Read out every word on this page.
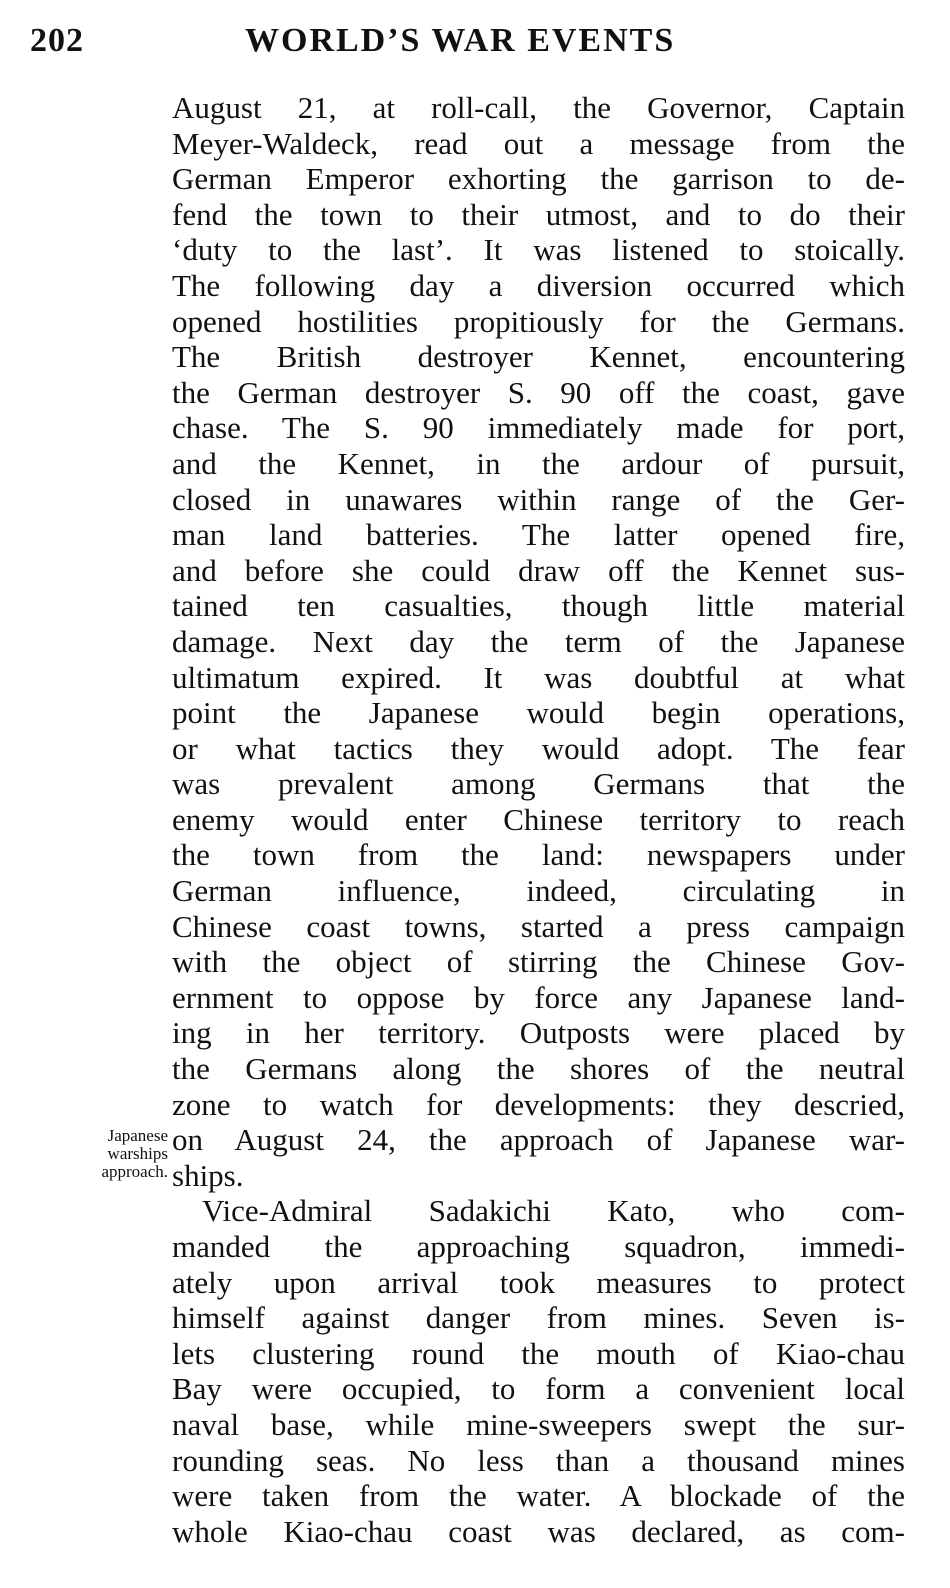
202	WORLD’S WAR EVENTS
Japanese
warships
approach.
August 21, at roll-call, the Governor, Captain
Meyer-Waldeck, read out a message from the
German Emperor exhorting the garrison to de-
fend the town to their utmost, and to do their
‘duty to the last’. It was listened to stoically.
The following day a diversion occurred which
opened hostilities propitiously for the Germans.
The British destroyer Kennet, encountering
the German destroyer S. 90 off the coast, gave
chase. The S. 90 immediately made for port,
and the Kennet, in the ardour of pursuit,
closed in unawares within range of the Ger-
man land batteries. The latter opened fire,
and before she could draw off the Kennet sus-
tained ten casualties, though little material
damage. Next day the term of the Japanese
ultimatum expired. It was doubtful at what
point the Japanese would begin operations,
or what tactics they would adopt. The fear
was prevalent among Germans that the
enemy would enter Chinese territory to reach
the town from the land: newspapers under
German influence, indeed, circulating in
Chinese coast towns, started a press campaign
with the object of stirring the Chinese Gov-
ernment to oppose by force any Japanese land-
ing in her territory. Outposts were placed by
the Germans along the shores of the neutral
zone to watch for developments: they descried,
on August 24, the approach of Japanese war-
ships.
Vice-Admiral Sadakichi Kato, who com-
manded the approaching squadron, immedi-
ately upon arrival took measures to protect
himself against danger from mines. Seven is-
lets clustering round the mouth of Kiao-chau
Bay were occupied, to form a convenient local
naval base, while mine-sweepers swept the sur-
rounding seas. No less than a thousand mines
were taken from the water. A blockade of the
whole Kiao-chau coast was declared, as com-
